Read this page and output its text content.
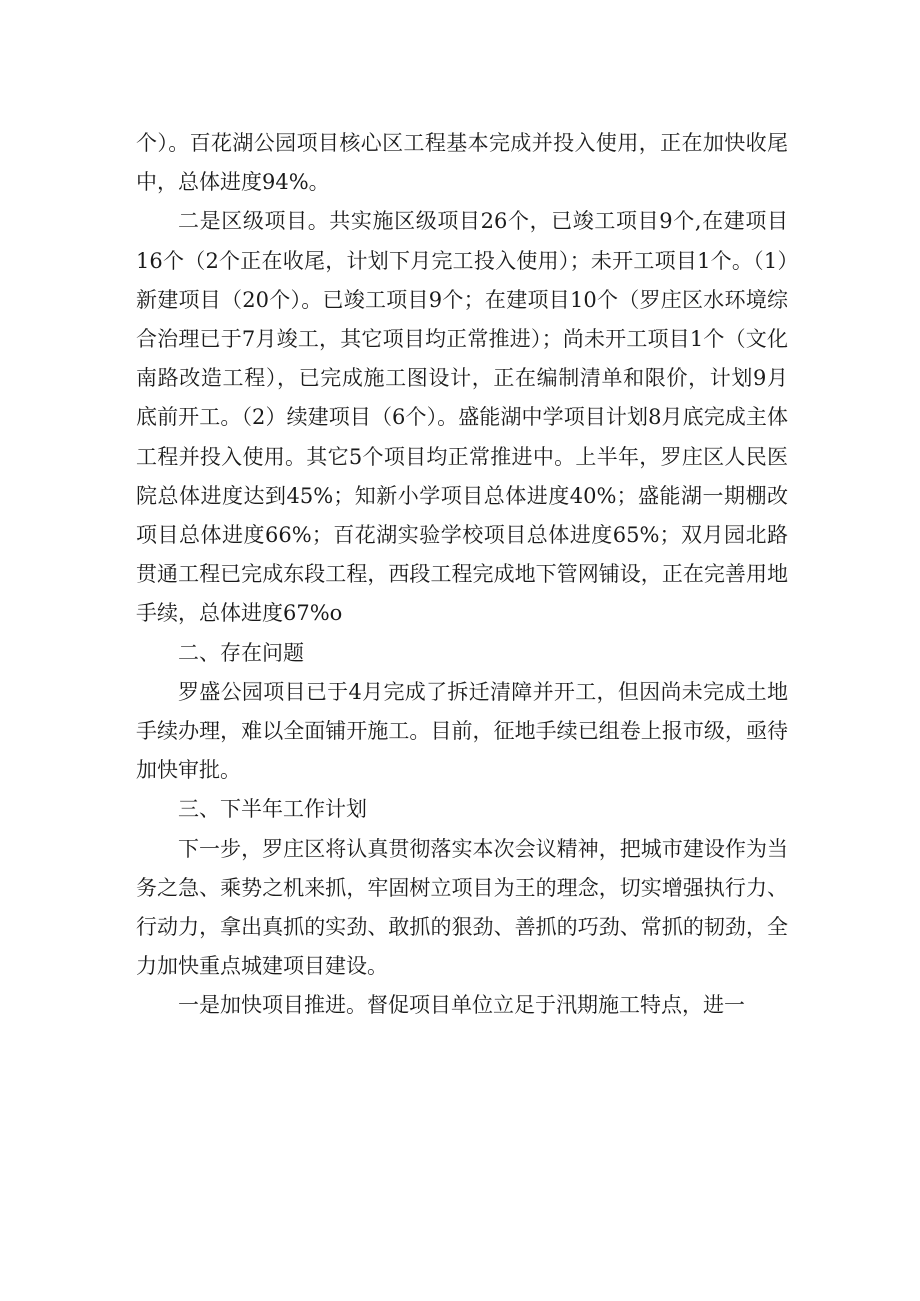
个）。百花湖公园项目核心区工程基本完成并投入使用，正在加快收尾中，总体进度94%。

二是区级项目。共实施区级项目26个，已竣工项目9个,在建项目16个（2个正在收尾，计划下月完工投入使用）；未开工项目1个。（1）新建项目（20个）。已竣工项目9个；在建项目10个（罗庄区水环境综合治理已于7月竣工，其它项目均正常推进）；尚未开工项目1个（文化南路改造工程），已完成施工图设计，正在编制清单和限价，计划9月底前开工。（2）续建项目（6个）。盛能湖中学项目计划8月底完成主体工程并投入使用。其它5个项目均正常推进中。上半年，罗庄区人民医院总体进度达到45%；知新小学项目总体进度40%；盛能湖一期棚改项目总体进度66%；百花湖实验学校项目总体进度65%；双月园北路贯通工程已完成东段工程，西段工程完成地下管网铺设，正在完善用地手续，总体进度67%o

二、存在问题

罗盛公园项目已于4月完成了拆迁清障并开工，但因尚未完成土地手续办理，难以全面铺开施工。目前，征地手续已组卷上报市级，亟待加快审批。

三、下半年工作计划

下一步，罗庄区将认真贯彻落实本次会议精神，把城市建设作为当务之急、乘势之机来抓，牢固树立项目为王的理念，切实增强执行力、行动力，拿出真抓的实劲、敢抓的狠劲、善抓的巧劲、常抓的韧劲，全力加快重点城建项目建设。

一是加快项目推进。督促项目单位立足于汛期施工特点，进一
